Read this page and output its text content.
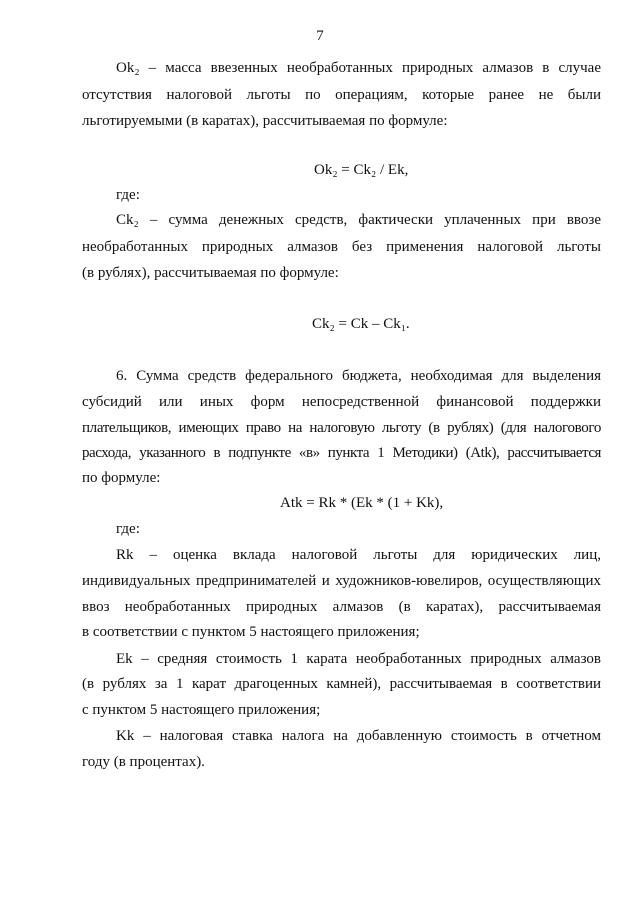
7
Ok₂ – масса ввезенных необработанных природных алмазов в случае
отсутствия налоговой льготы по операциям, которые ранее не были
льготируемыми (в каратах), рассчитываемая по формуле:
Ok₂ = Ck₂ / Ek,
где:
Ck₂ – сумма денежных средств, фактически уплаченных при ввозе
необработанных природных алмазов без применения налоговой льготы
(в рублях), рассчитываемая по формуле:
Ck₂ = Ck – Ck₁.
6. Сумма средств федерального бюджета, необходимая для выделения
субсидий или иных форм непосредственной финансовой поддержки
плательщиков, имеющих право на налоговую льготу (в рублях) (для налогового
расхода, указанного в подпункте «в» пункта 1 Методики) (Atk), рассчитывается
по формуле:
Atk = Rk * (Ek * (1 + Kk),
где:
Rk – оценка вклада налоговой льготы для юридических лиц,
индивидуальных предпринимателей и художников-ювелиров, осуществляющих
ввоз необработанных природных алмазов (в каратах), рассчитываемая
в соответствии с пунктом 5 настоящего приложения;
Ek – средняя стоимость 1 карата необработанных природных алмазов
(в рублях за 1 карат драгоценных камней), рассчитываемая в соответствии
с пунктом 5 настоящего приложения;
Kk – налоговая ставка налога на добавленную стоимость в отчетном
году (в процентах).
